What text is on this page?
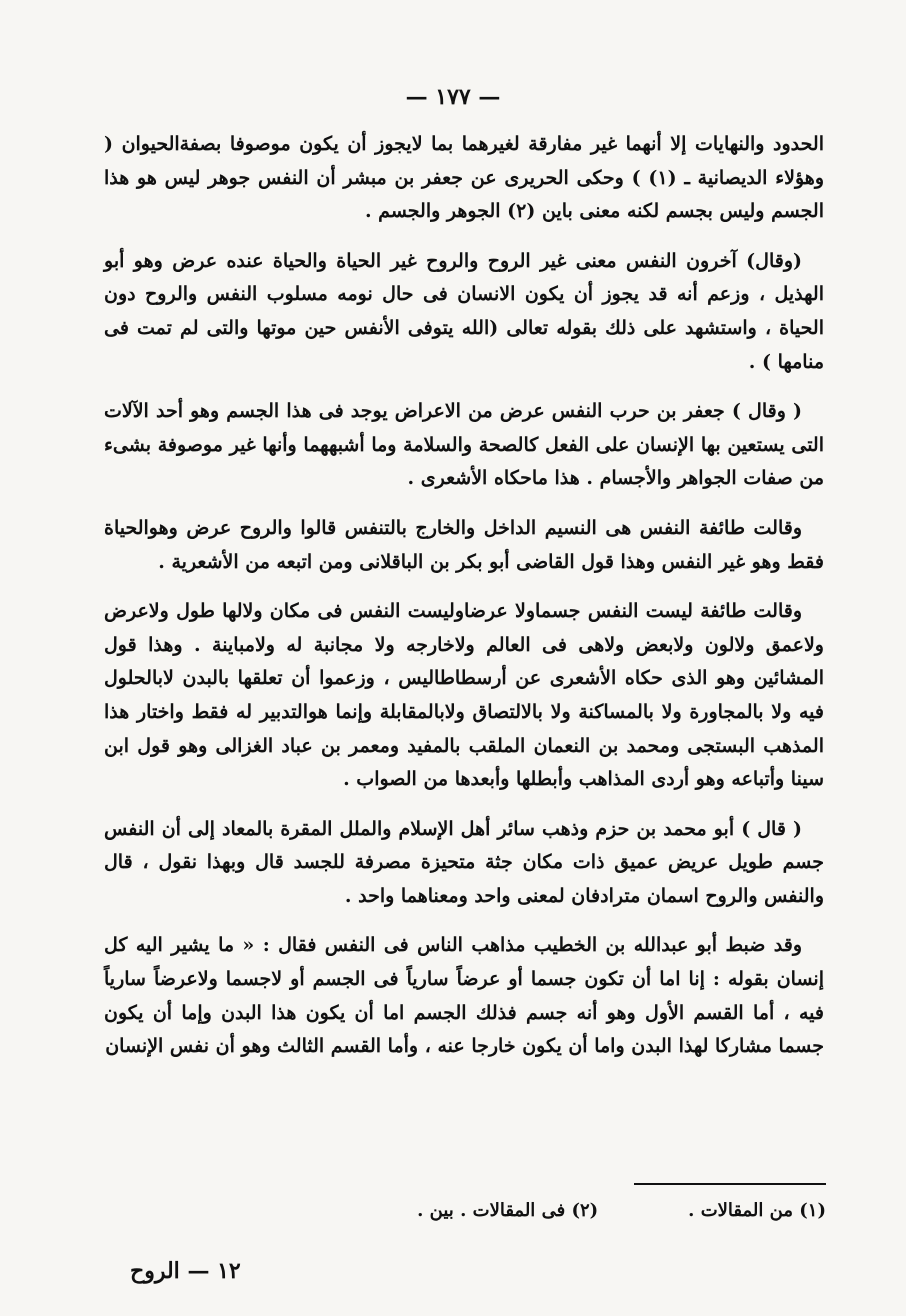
— ١٧٧ —

الحدود والنهايات إلا أنهما غير مفارقة لغيرهما بما لايجوز أن يكون موصوفا بصفةالحيوان ( وهؤلاء الديصانية ـ (١) ) وحكى الحريرى عن جعفر بن مبشر أن النفس جوهر ليس هو هذا الجسم وليس بجسم لكنه معنى باين (٢) الجوهر والجسم .

(وقال) آخرون النفس معنى غير الروح والروح غير الحياة والحياة عنده عرض وهو أبو الهذيل ، وزعم أنه قد يجوز أن يكون الانسان فى حال نومه مسلوب النفس والروح دون الحياة ، واستشهد على ذلك بقوله تعالى (الله يتوفى الأنفس حين موتها والتى لم تمت فى منامها ) .

( وقال ) جعفر بن حرب النفس عرض من الاعراض يوجد فى هذا الجسم وهو أحد الآلات التى يستعين بها الإنسان على الفعل كالصحة والسلامة وما أشبههما وأنها غير موصوفة بشىء من صفات الجواهر والأجسام . هذا ماحكاه الأشعرى .

وقالت طائفة النفس هى النسيم الداخل والخارج بالتنفس قالوا والروح عرض وهوالحياة فقط وهو غير النفس وهذا قول القاضى أبو بكر بن الباقلانى ومن اتبعه من الأشعرية .

وقالت طائفة ليست النفس جسماولا عرضاوليست النفس فى مكان ولالها طول ولاعرض ولاعمق ولالون ولابعض ولاهى فى العالم ولاخارجه ولا مجانبة له ولامباينة . وهذا قول المشائين وهو الذى حكاه الأشعرى عن أرسطاطاليس ، وزعموا أن تعلقها بالبدن لابالحلول فيه ولا بالمجاورة ولا بالمساكنة ولا بالالتصاق ولابالمقابلة وإنما هوالتدبير له فقط واختار هذا المذهب البستجى ومحمد بن النعمان الملقب بالمفيد ومعمر بن عباد الغزالى وهو قول ابن سينا وأتباعه وهو أردى المذاهب وأبطلها وأبعدها من الصواب .

( قال ) أبو محمد بن حزم وذهب سائر أهل الإسلام والملل المقرة بالمعاد إلى أن النفس جسم طويل عريض عميق ذات مكان جثة متحيزة مصرفة للجسد قال وبهذا نقول ، قال والنفس والروح اسمان مترادفان لمعنى واحد ومعناهما واحد .

وقد ضبط أبو عبدالله بن الخطيب مذاهب الناس فى النفس فقال : « ما يشير اليه كل إنسان بقوله : إنا اما أن تكون جسما أو عرضاً سارياً فى الجسم أو لاجسما ولاعرضاً سارياً فيه ، أما القسم الأول وهو أنه جسم فذلك الجسم اما أن يكون هذا البدن وإما أن يكون جسما مشاركا لهذا البدن واما أن يكون خارجا عنه ، وأما القسم الثالث وهو أن نفس الإنسان

(١) من المقالات .
(٢) فى المقالات . بين .
١٢ — الروح
